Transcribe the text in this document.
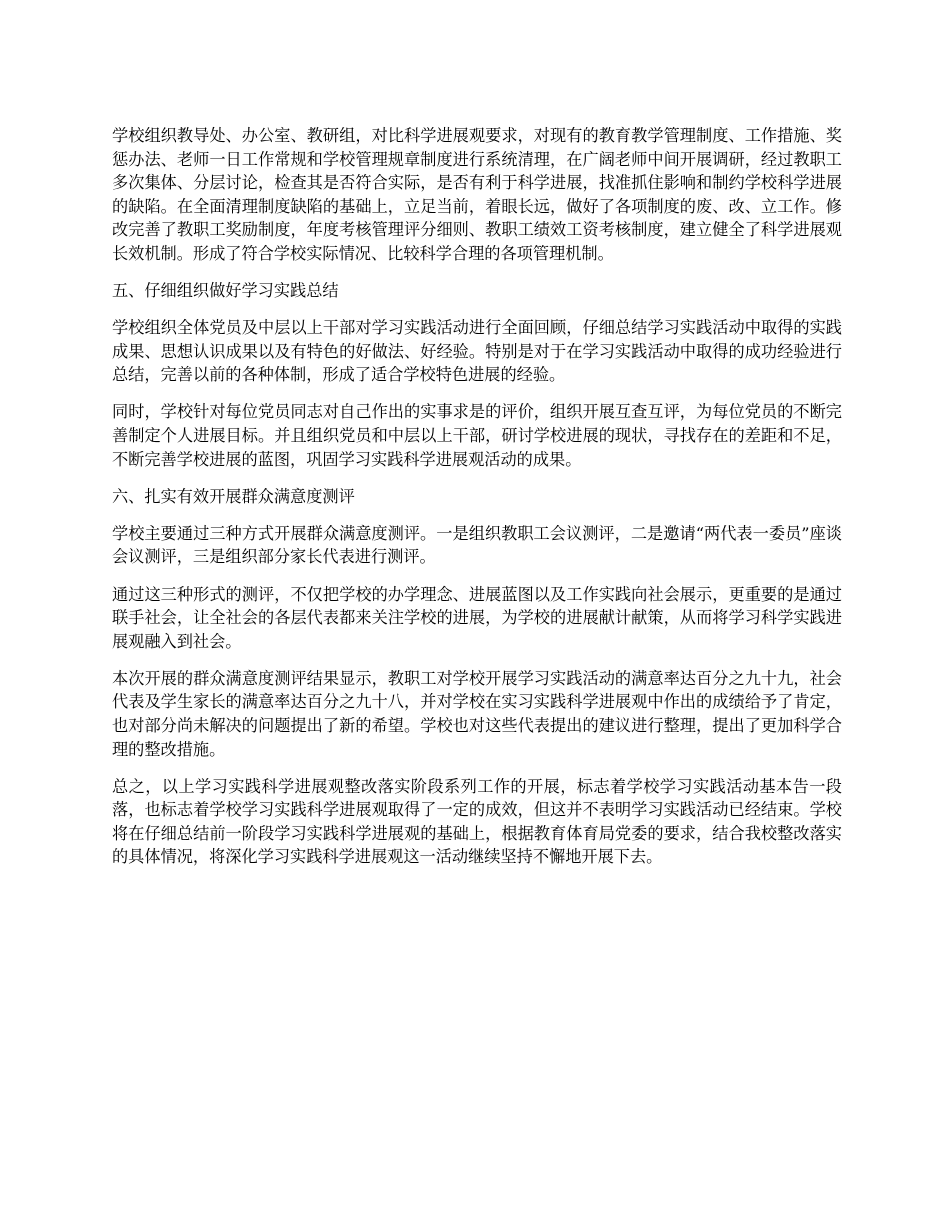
学校组织教导处、办公室、教研组，对比科学进展观要求，对现有的教育教学管理制度、工作措施、奖惩办法、老师一日工作常规和学校管理规章制度进行系统清理，在广阔老师中间开展调研，经过教职工多次集体、分层讨论，检查其是否符合实际，是否有利于科学进展，找准抓住影响和制约学校科学进展的缺陷。在全面清理制度缺陷的基础上，立足当前，着眼长远，做好了各项制度的废、改、立工作。修改完善了教职工奖励制度，年度考核管理评分细则、教职工绩效工资考核制度，建立健全了科学进展观长效机制。形成了符合学校实际情况、比较科学合理的各项管理机制。

五、仔细组织做好学习实践总结

学校组织全体党员及中层以上干部对学习实践活动进行全面回顾，仔细总结学习实践活动中取得的实践成果、思想认识成果以及有特色的好做法、好经验。特别是对于在学习实践活动中取得的成功经验进行总结，完善以前的各种体制，形成了适合学校特色进展的经验。

同时，学校针对每位党员同志对自己作出的实事求是的评价，组织开展互查互评，为每位党员的不断完善制定个人进展目标。并且组织党员和中层以上干部，研讨学校进展的现状，寻找存在的差距和不足，不断完善学校进展的蓝图，巩固学习实践科学进展观活动的成果。

六、扎实有效开展群众满意度测评

学校主要通过三种方式开展群众满意度测评。一是组织教职工会议测评，二是邀请“两代表一委员”座谈会议测评，三是组织部分家长代表进行测评。

通过这三种形式的测评，不仅把学校的办学理念、进展蓝图以及工作实践向社会展示，更重要的是通过联手社会，让全社会的各层代表都来关注学校的进展，为学校的进展献计献策，从而将学习科学实践进展观融入到社会。

本次开展的群众满意度测评结果显示，教职工对学校开展学习实践活动的满意率达百分之九十九，社会代表及学生家长的满意率达百分之九十八，并对学校在实习实践科学进展观中作出的成绩给予了肯定，也对部分尚未解决的问题提出了新的希望。学校也对这些代表提出的建议进行整理，提出了更加科学合理的整改措施。

总之，以上学习实践科学进展观整改落实阶段系列工作的开展，标志着学校学习实践活动基本告一段落，也标志着学校学习实践科学进展观取得了一定的成效，但这并不表明学习实践活动已经结束。学校将在仔细总结前一阶段学习实践科学进展观的基础上，根据教育体育局党委的要求，结合我校整改落实的具体情况，将深化学习实践科学进展观这一活动继续坚持不懈地开展下去。
